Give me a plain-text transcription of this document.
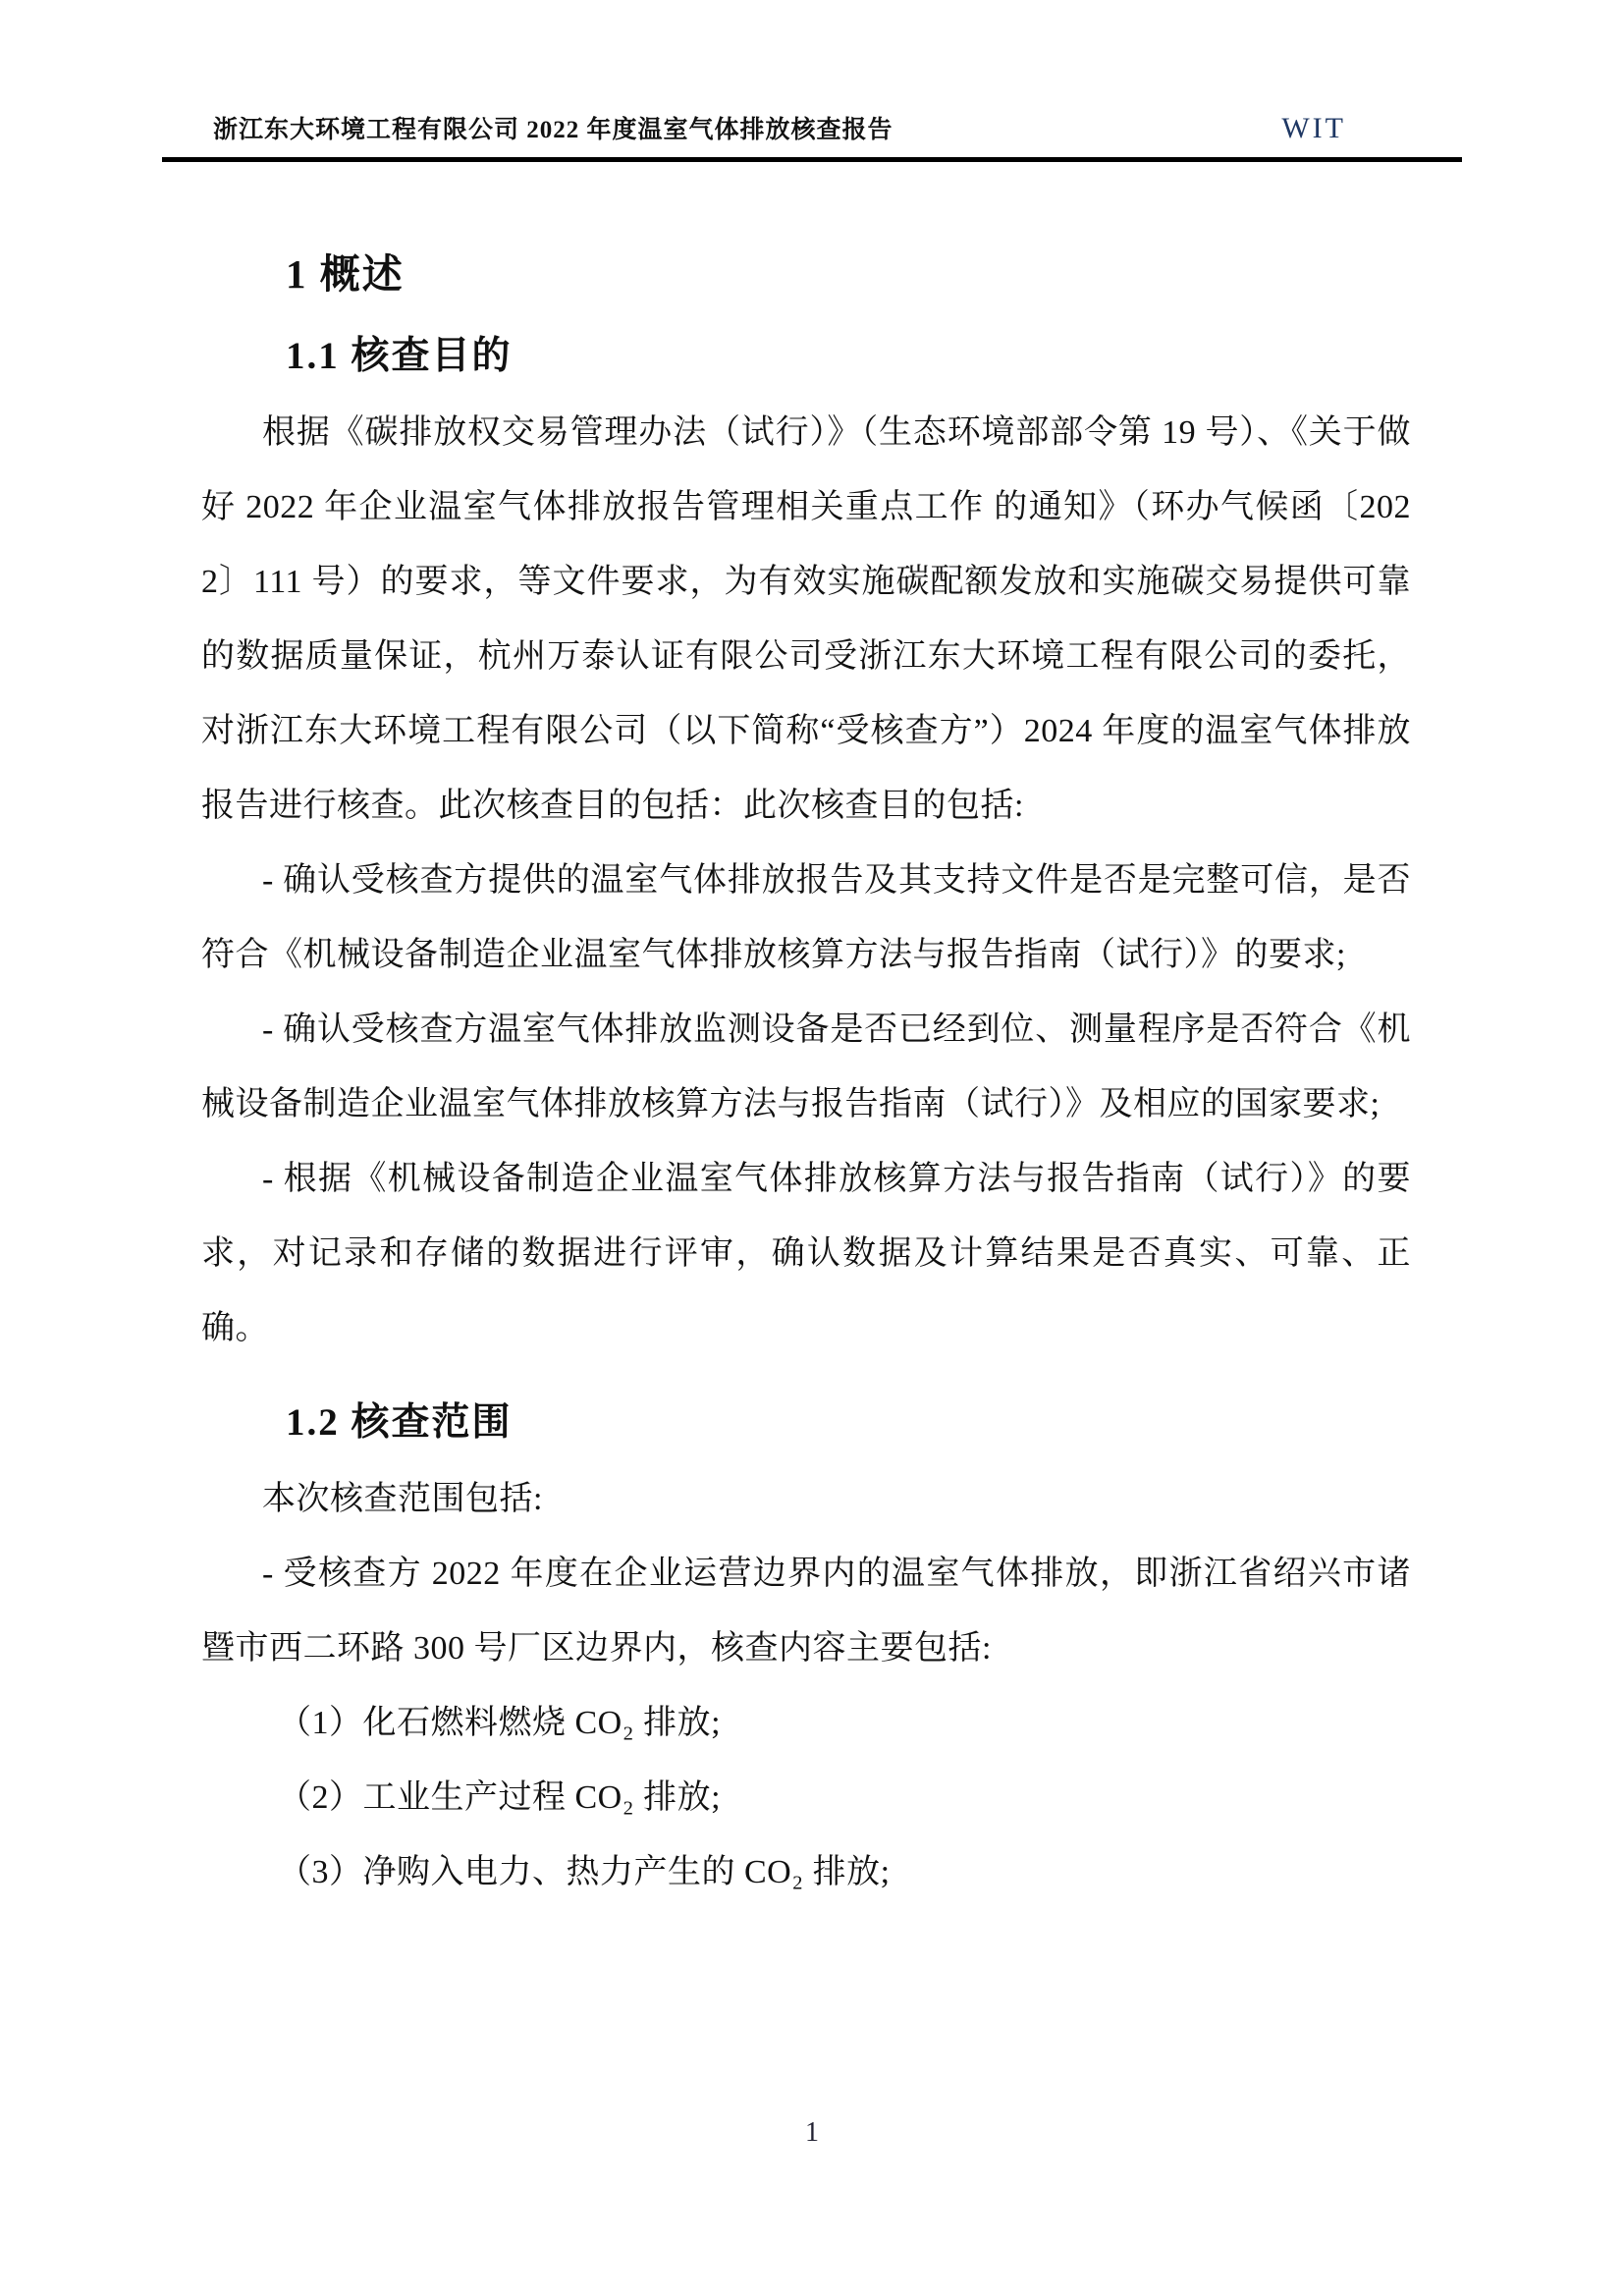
浙江东大环境工程有限公司 2022 年度温室气体排放核查报告	WIT
1 概述
1.1 核查目的

根据《碳排放权交易管理办法（试行）》（生态环境部部令第 19 号）、《关于做好 2022 年企业温室气体排放报告管理相关重点工作 的通知》（环办气候函〔2022〕111 号）的要求，等文件要求，为有效实施碳配额发放和实施碳交易提供可靠的数据质量保证，杭州万泰认证有限公司受浙江东大环境工程有限公司的委托，对浙江东大环境工程有限公司（以下简称“受核查方”）2024 年度的温室气体排放报告进行核查。此次核查目的包括：此次核查目的包括:

- 确认受核查方提供的温室气体排放报告及其支持文件是否是完整可信，是否符合《机械设备制造企业温室气体排放核算方法与报告指南（试行）》的要求;

- 确认受核查方温室气体排放监测设备是否已经到位、测量程序是否符合《机械设备制造企业温室气体排放核算方法与报告指南（试行）》及相应的国家要求;

- 根据《机械设备制造企业温室气体排放核算方法与报告指南（试行）》的要求，对记录和存储的数据进行评审，确认数据及计算结果是否真实、可靠、正确。

1.2 核查范围

本次核查范围包括:

- 受核查方 2022 年度在企业运营边界内的温室气体排放，即浙江省绍兴市诸暨市西二环路 300 号厂区边界内，核查内容主要包括:

（1）化石燃料燃烧 CO₂ 排放;

（2）工业生产过程 CO₂ 排放;

（3）净购入电力、热力产生的 CO₂ 排放;

1
